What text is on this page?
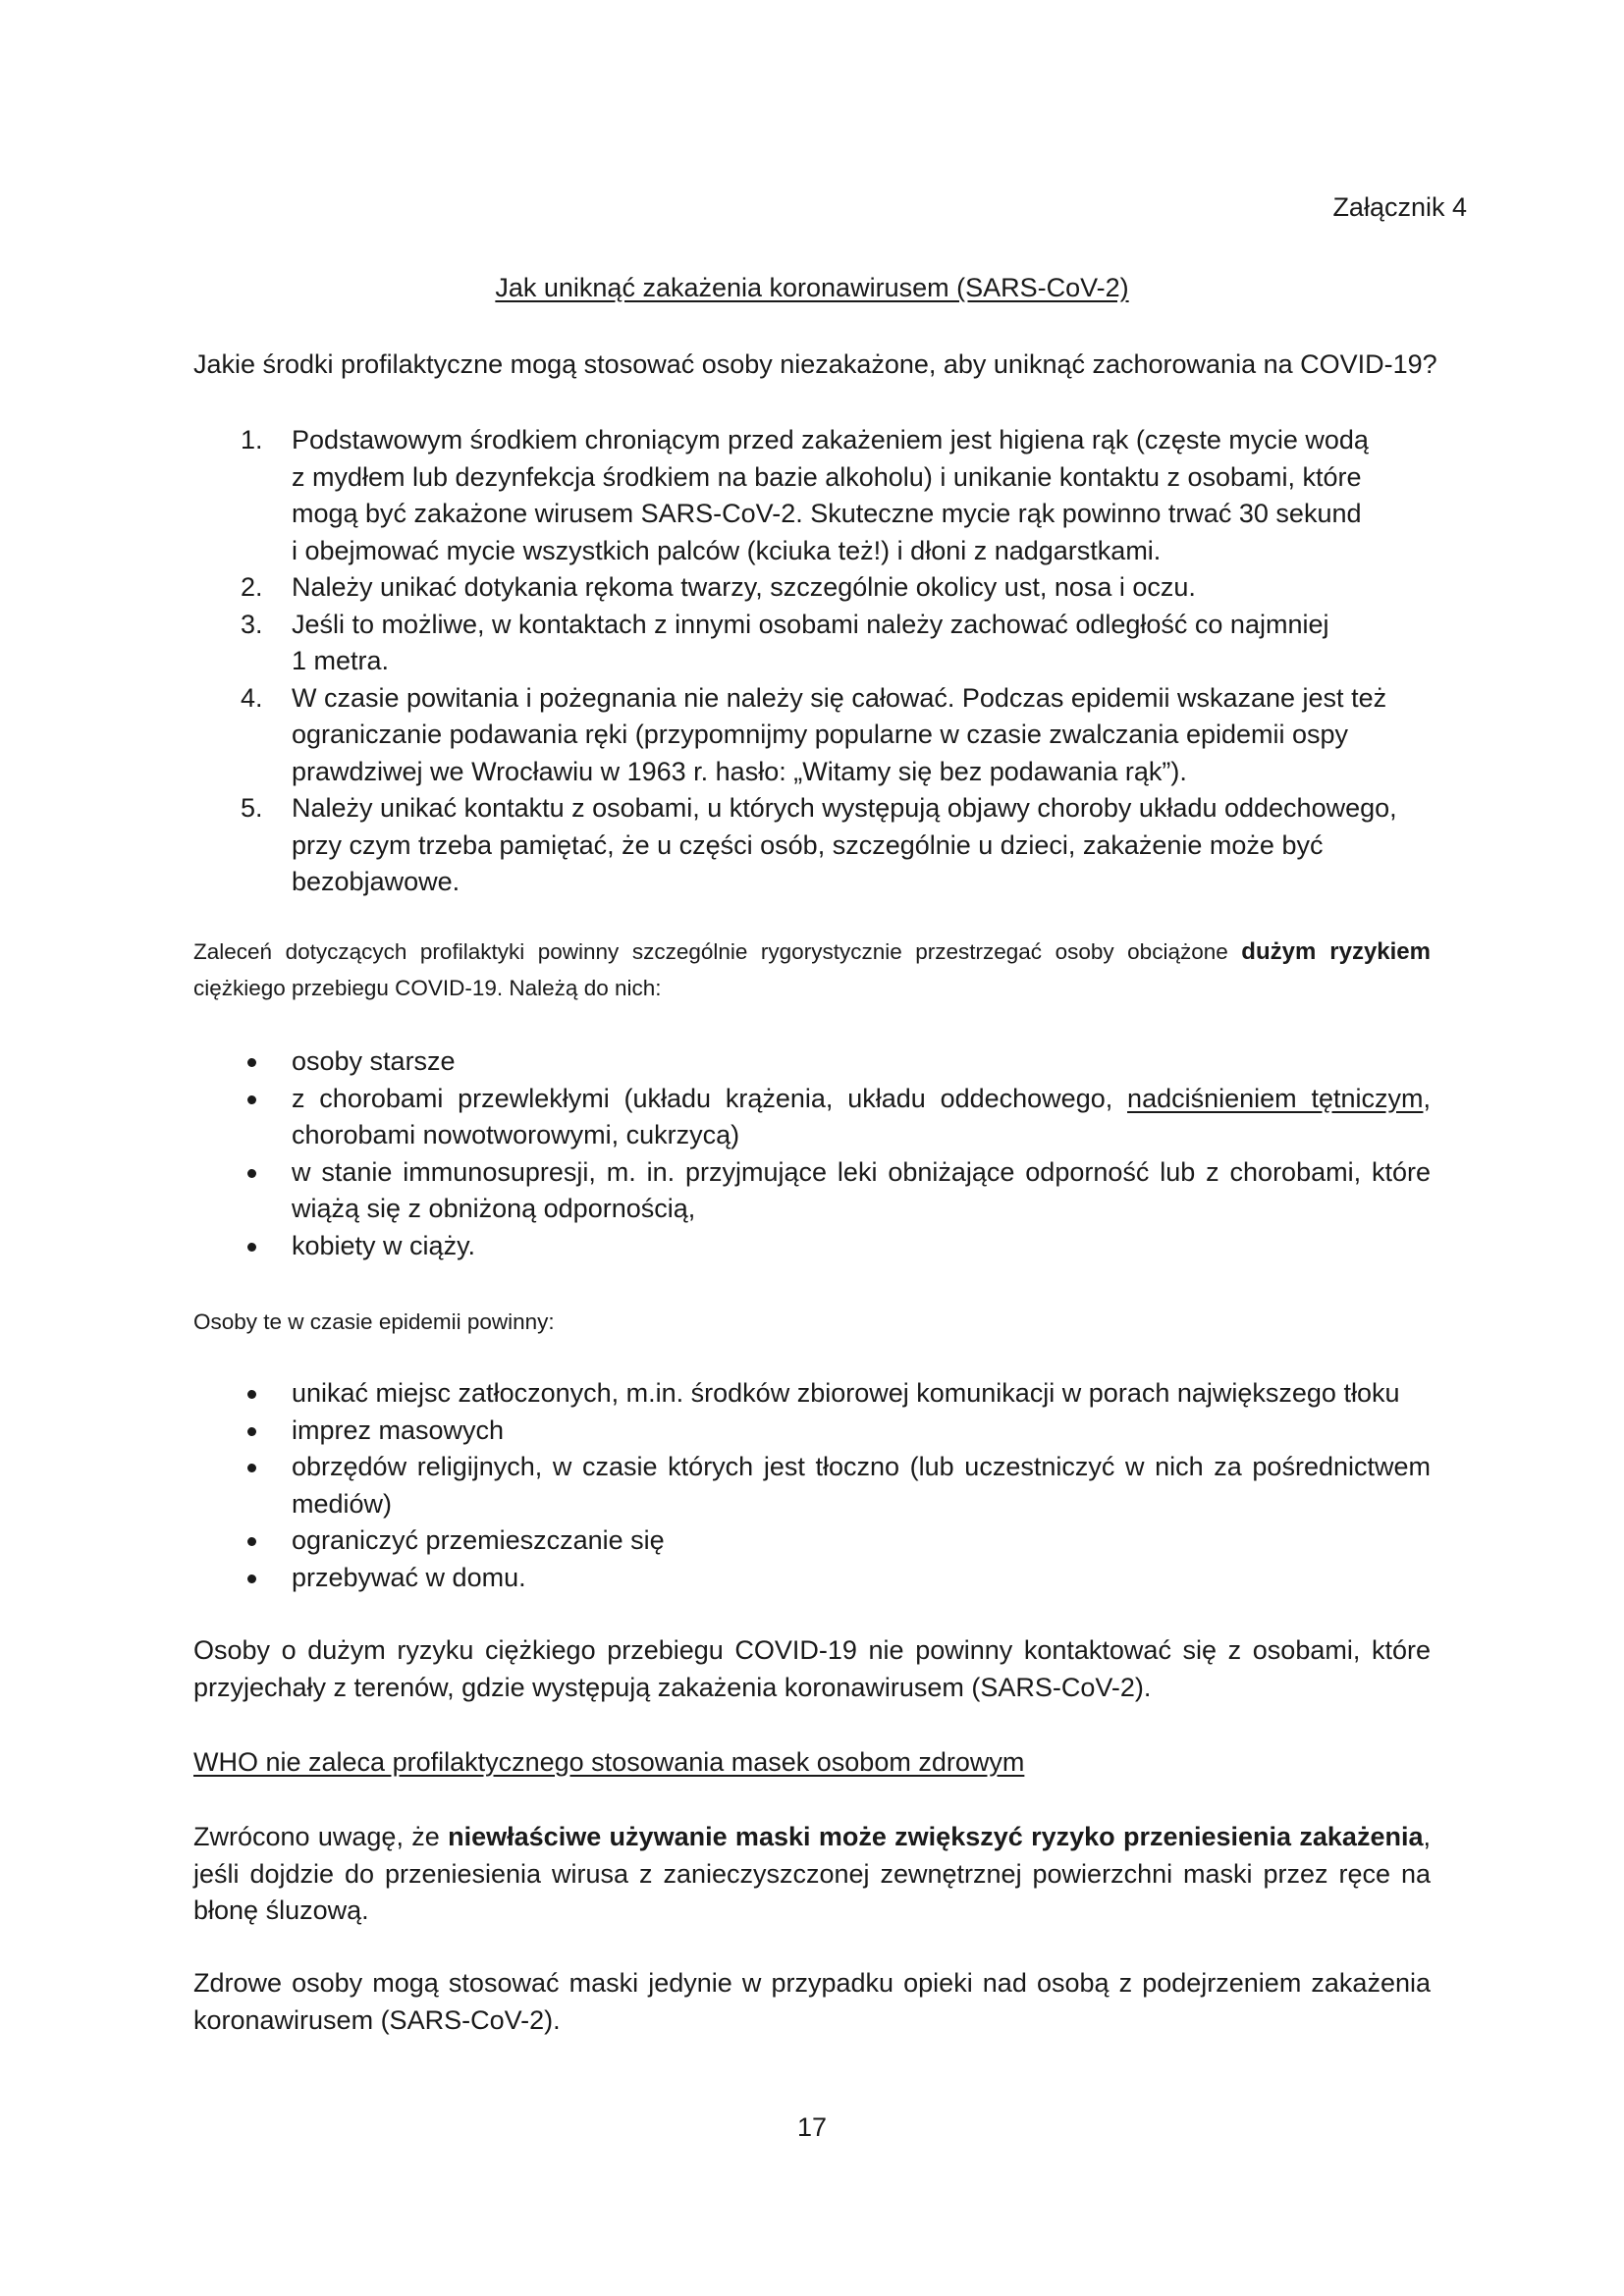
Załącznik 4
Jak uniknąć zakażenia koronawirusem (SARS-CoV-2)
Jakie środki profilaktyczne mogą stosować osoby niezakażone, aby uniknąć zachorowania na COVID-19?
1. Podstawowym środkiem chroniącym przed zakażeniem jest higiena rąk (częste mycie wodą
z mydłem lub dezynfekcja środkiem na bazie alkoholu) i unikanie kontaktu z osobami, które
mogą być zakażone wirusem SARS-CoV-2. Skuteczne mycie rąk powinno trwać 30 sekund
i obejmować mycie wszystkich palców (kciuka też!) i dłoni z nadgarstkami.
2. Należy unikać dotykania rękoma twarzy, szczególnie okolicy ust, nosa i oczu.
3. Jeśli to możliwe, w kontaktach z innymi osobami należy zachować odległość co najmniej
1 metra.
4. W czasie powitania i pożegnania nie należy się całować. Podczas epidemii wskazane jest też
ograniczanie podawania ręki (przypomnijmy popularne w czasie zwalczania epidemii ospy
prawdziwej we Wrocławiu w 1963 r. hasło: „Witamy się bez podawania rąk”).
5. Należy unikać kontaktu z osobami, u których występują objawy choroby układu oddechowego,
przy czym trzeba pamiętać, że u części osób, szczególnie u dzieci, zakażenie może być
bezobjawowe.
Zaleceń dotyczących profilaktyki powinny szczególnie rygorystycznie przestrzegać osoby obciążone dużym ryzykiem ciężkiego przebiegu COVID-19. Należą do nich:
osoby starsze
z chorobami przewlekłymi (układu krążenia, układu oddechowego, nadciśnieniem tętniczym, chorobami nowotworowymi, cukrzycą)
w stanie immunosupresji, m. in. przyjmujące leki obniżające odporność lub z chorobami, które wiążą się z obniżoną odpornością,
kobiety w ciąży.
Osoby te w czasie epidemii powinny:
unikać miejsc zatłoczonych, m.in. środków zbiorowej komunikacji w porach największego tłoku
imprez masowych
obrzędów religijnych, w czasie których jest tłoczno (lub uczestniczyć w nich za pośrednictwem mediów)
ograniczyć przemieszczanie się
przebywać w domu.
Osoby o dużym ryzyku ciężkiego przebiegu COVID-19 nie powinny kontaktować się z osobami, które przyjechały z terenów, gdzie występują zakażenia koronawirusem (SARS-CoV-2).
WHO nie zaleca profilaktycznego stosowania masek osobom zdrowym
Zwrócono uwagę, że niewłaściwe używanie maski może zwiększyć ryzyko przeniesienia zakażenia, jeśli dojdzie do przeniesienia wirusa z zanieczyszczonej zewnętrznej powierzchni maski przez ręce na błonę śluzową.
Zdrowe osoby mogą stosować maski jedynie w przypadku opieki nad osobą z podejrzeniem zakażenia koronawirusem (SARS-CoV-2).
17
